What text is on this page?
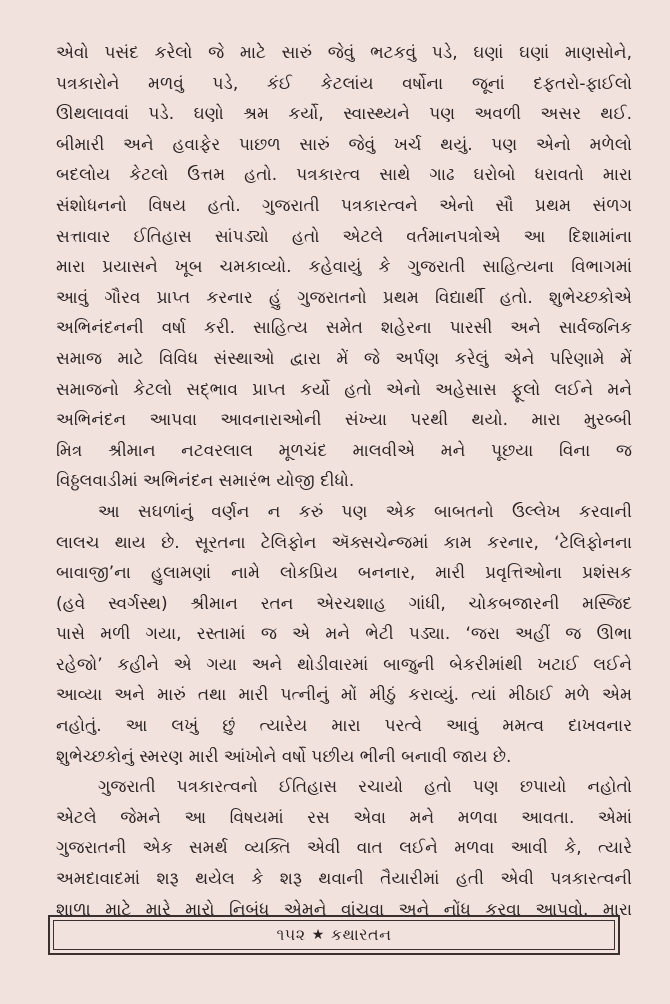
એવો પસંદ કરેલો જે માટે સારું જેવું ભટકવું પડે, ઘણાં ઘણાં માણસોને,
પત્રકારોને મળવું પડે, કંઈ કેટલાંય વર્ષોના જૂનાં દફતરો-ફાઈલો
ઊથલાવવાં પડે. ઘણો શ્રમ કર્યો, સ્વાસ્થ્યને પણ અવળી અસર થઈ.
બીમારી અને હવાફેર પાછળ સારું જેવું ખર્ચ થયું. પણ એનો મળેલો
બદલોય કેટલો ઉત્તમ હતો. પત્રકારત્વ સાથે ગાઢ ઘરોબો ધરાવતો મારા
સંશોધનનો વિષય હતો. ગુજરાતી પત્રકારત્વને એનો સૌ પ્રથમ સંળગ
સત્તાવાર ઈતિહાસ સાંપડ્યો હતો એટલે વર્તમાનપત્રોએ આ દિશામાંના
મારા પ્રયાસને ખૂબ ચમકાવ્યો. કહેવાયું કે ગુજરાતી સાહિત્યના વિભાગમાં
આવું ગૌરવ પ્રાપ્ત કરનાર હું ગુજરાતનો પ્રથમ વિદ્યાર્થી હતો. શુભેચ્છકોએ
અભિનંદનની વર્ષા કરી. સાહિત્ય સમેત શહેરના પારસી અને સાર્વજનિક
સમાજ માટે વિવિધ સંસ્થાઓ દ્વારા મેં જે અર્પણ કરેલું એને પરિણામે મેં
સમાજનો કેટલો સદ્ભાવ પ્રાપ્ત કર્યો હતો એનો અહેસાસ ફૂલો લઈને મને
અભિનંદન આપવા આવનારાઓની સંખ્યા પરથી થયો. મારા મુરબ્બી
મિત્ર શ્રીમાન નટવરલાલ મૂળચંદ માલવીએ મને પૂછયા વિના જ
વિઠ્ઠલવાડીમાં અભિનંદન સમારંભ યોજી દીધો.
આ સઘળાંનું વર્ણન ન કરું પણ એક બાબતનો ઉલ્લેખ કરવાની
લાલચ થાય છે. સૂરતના ટેલિફોન ઍક્સચેન્જમાં કામ કરનાર, ‘ટેલિફોનના
બાવાજી’ના હુલામણાં નામે લોકપ્રિય બનનાર, મારી પ્રવૃત્તિઓના પ્રશંસક
(હવે સ્વર્ગસ્થ) શ્રીમાન રતન એરચશાહ ગાંધી, ચોકબજારની મસ્જિદ
પાસે મળી ગયા, રસ્તામાં જ એ મને ભેટી પડ્યા. ‘જરા અહીં જ ઊભા
રહેજો’ કહીને એ ગયા અને થોડીવારમાં બાજુની બેકરીમાંથી ખટાઈ લઈને
આવ્યા અને મારું તથા મારી પત્નીનું મોં મીઠું કરાવ્યું. ત્યાં મીઠાઈ મળે એમ
નહોતું. આ લખું છું ત્યારેય મારા પરત્વે આવું મમત્વ દાખવનાર
શુભેચ્છકોનું સ્મરણ મારી આંખોને વર્ષો પછીય ભીની બનાવી જાય છે.
ગુજરાતી પત્રકારત્વનો ઈતિહાસ રચાયો હતો પણ છપાયો નહોતો
એટલે જેમને આ વિષયમાં રસ એવા મને મળવા આવતા. એમાં
ગુજરાતની એક સમર્થ વ્યક્તિ એવી વાત લઈને મળવા આવી કે, ત્યારે
અમદાવાદમાં શરૂ થયેલ કે શરૂ થવાની તૈયારીમાં હતી એવી પત્રકારત્વની
શાળા માટે મારે મારો નિબંધ એમને વાંચવા અને નોંધ કરવા આપવો. મારા
૧૫૨ ★ કથારતન
